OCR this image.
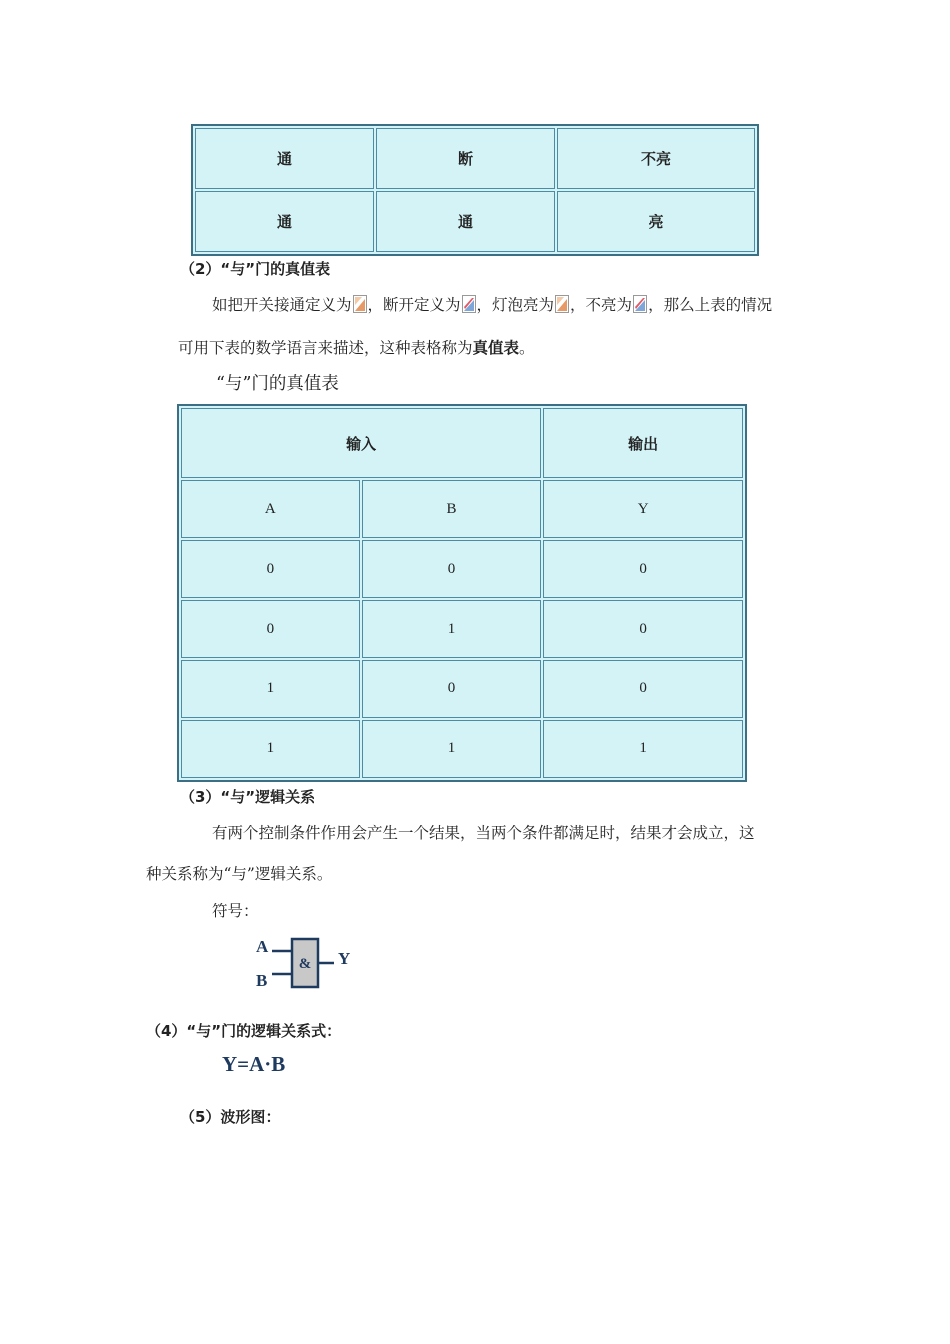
通	断	不亮
通	通	亮
（2）“与”门的真值表
如把开关接通定义为 ，断开定义为 ，灯泡亮为 ，不亮为 ，那么上表的情况
可用下表的数学语言来描述，这种表格称为真值表。
“与”门的真值表
输入		输出
A	B	Y
0	0	0
0	1	0
1	0	0
1	1	1
（3）“与”逻辑关系
有两个控制条件作用会产生一个结果，当两个条件都满足时，结果才会成立，这
种关系称为“与”逻辑关系。
符号：
A
B
& Y
（4）“与”门的逻辑关系式：
Y=A·B
（5）波形图：
